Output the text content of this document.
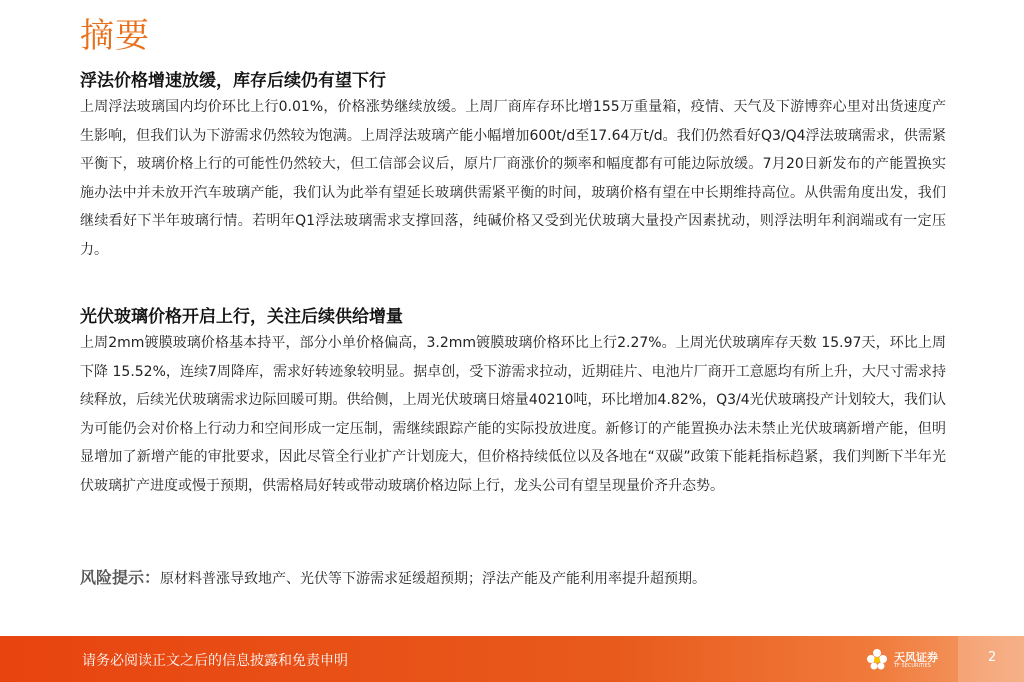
摘要
浮法价格增速放缓，库存后续仍有望下行
上周浮法玻璃国内均价环比上行0.01%，价格涨势继续放缓。上周厂商库存环比增155万重量箱，疫情、天气及下游博弈心里对出货速度产生影响，但我们认为下游需求仍然较为饱满。上周浮法玻璃产能小幅增加600t/d至17.64万t/d。我们仍然看好Q3/Q4浮法玻璃需求，供需紧平衡下，玻璃价格上行的可能性仍然较大，但工信部会议后，原片厂商涨价的频率和幅度都有可能边际放缓。7月20日新发布的产能置换实施办法中并未放开汽车玻璃产能，我们认为此举有望延长玻璃供需紧平衡的时间，玻璃价格有望在中长期维持高位。从供需角度出发，我们继续看好下半年玻璃行情。若明年Q1浮法玻璃需求支撑回落，纯碱价格又受到光伏玻璃大量投产因素扰动，则浮法明年利润端或有一定压力。
光伏玻璃价格开启上行，关注后续供给增量
上周2mm镀膜玻璃价格基本持平，部分小单价格偏高，3.2mm镀膜玻璃价格环比上行2.27%。上周光伏玻璃库存天数 15.97天，环比上周下降 15.52%，连续7周降库，需求好转迹象较明显。据卓创，受下游需求拉动，近期硅片、电池片厂商开工意愿均有所上升，大尺寸需求持续释放，后续光伏玻璃需求边际回暖可期。供给侧，上周光伏玻璃日熔量40210吨，环比增加4.82%，Q3/4光伏玻璃投产计划较大，我们认为可能仍会对价格上行动力和空间形成一定压制，需继续跟踪产能的实际投放进度。新修订的产能置换办法未禁止光伏玻璃新增产能，但明显增加了新增产能的审批要求，因此尽管全行业扩产计划庞大，但价格持续低位以及各地在“双碳”政策下能耗指标趋紧，我们判断下半年光伏玻璃扩产进度或慢于预期，供需格局好转或带动玻璃价格边际上行，龙头公司有望呈现量价齐升态势。
风险提示：原材料普涨导致地产、光伏等下游需求延缓超预期；浮法产能及产能利用率提升超预期。
请务必阅读正文之后的信息披露和免责申明	天风证券
TF SECURITIES
2
